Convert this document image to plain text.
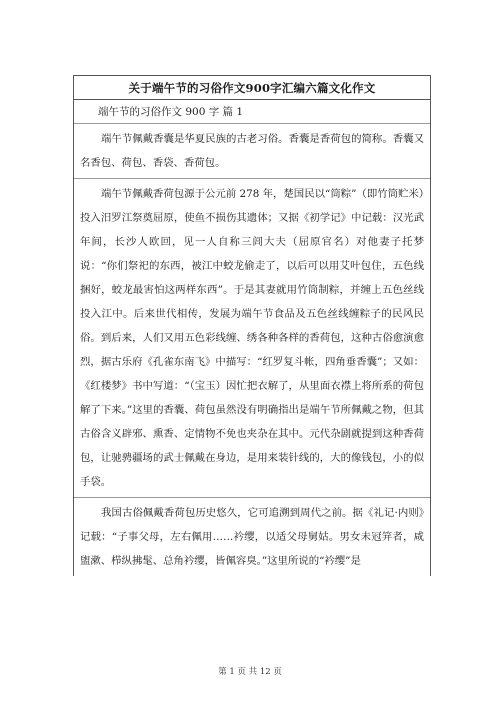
关于端午节的习俗作文900字汇编六篇文化作文
端午节的习俗作文 900 字 篇 1
端午节佩戴香囊是华夏民族的古老习俗。香囊是香荷包的简称。香囊又名香包、荷包、香袋、香荷包。
端午节佩戴香荷包源于公元前 278 年，楚国民以“筒粽”（即竹筒贮米）投入汨罗江祭奠屈原，使鱼不损伤其遗体；又据《初学记》中记载：汉光武年间，长沙人欧回，见一人自称三闾大夫（屈原官名）对他妻子托梦说：“你们祭祀的东西，被江中蛟龙偷走了，以后可以用艾叶包住，五色线捆好，蛟龙最害怕这两样东西”。于是其妻就用竹筒制粽，并缠上五色丝线投入江中。后来世代相传，发展为端午节食品及五色丝线缠粽子的民风民俗。到后来，人们又用五色彩线缠、绣各种各样的香荷包，这种古俗愈演愈烈，据古乐府《孔雀东南飞》中描写：“红罗复斗帐，四角垂香囊”；又如：《红楼梦》书中写道：“（宝玉）因忙把衣解了，从里面衣襟上将所系的荷包解了下来。”这里的香囊、荷包虽然没有明确指出是端午节所佩戴之物，但其古俗含义辟邪、熏香、定情物不免也夹杂在其中。元代杂剧就提到这种香荷包，让驰骋疆场的武士佩戴在身边，是用来装针线的，大的像钱包，小的似手袋。
我国古俗佩戴香荷包历史悠久，它可追溯到周代之前。据《礼记·内则》记载：“子事父母，左右佩用……衿缨，以适父母舅姑。男女未冠笄者，咸盥漱、栉纵拂髦、总角衿缨，皆佩容臭。”这里所说的“衿缨”是
第 1 页 共 12 页
